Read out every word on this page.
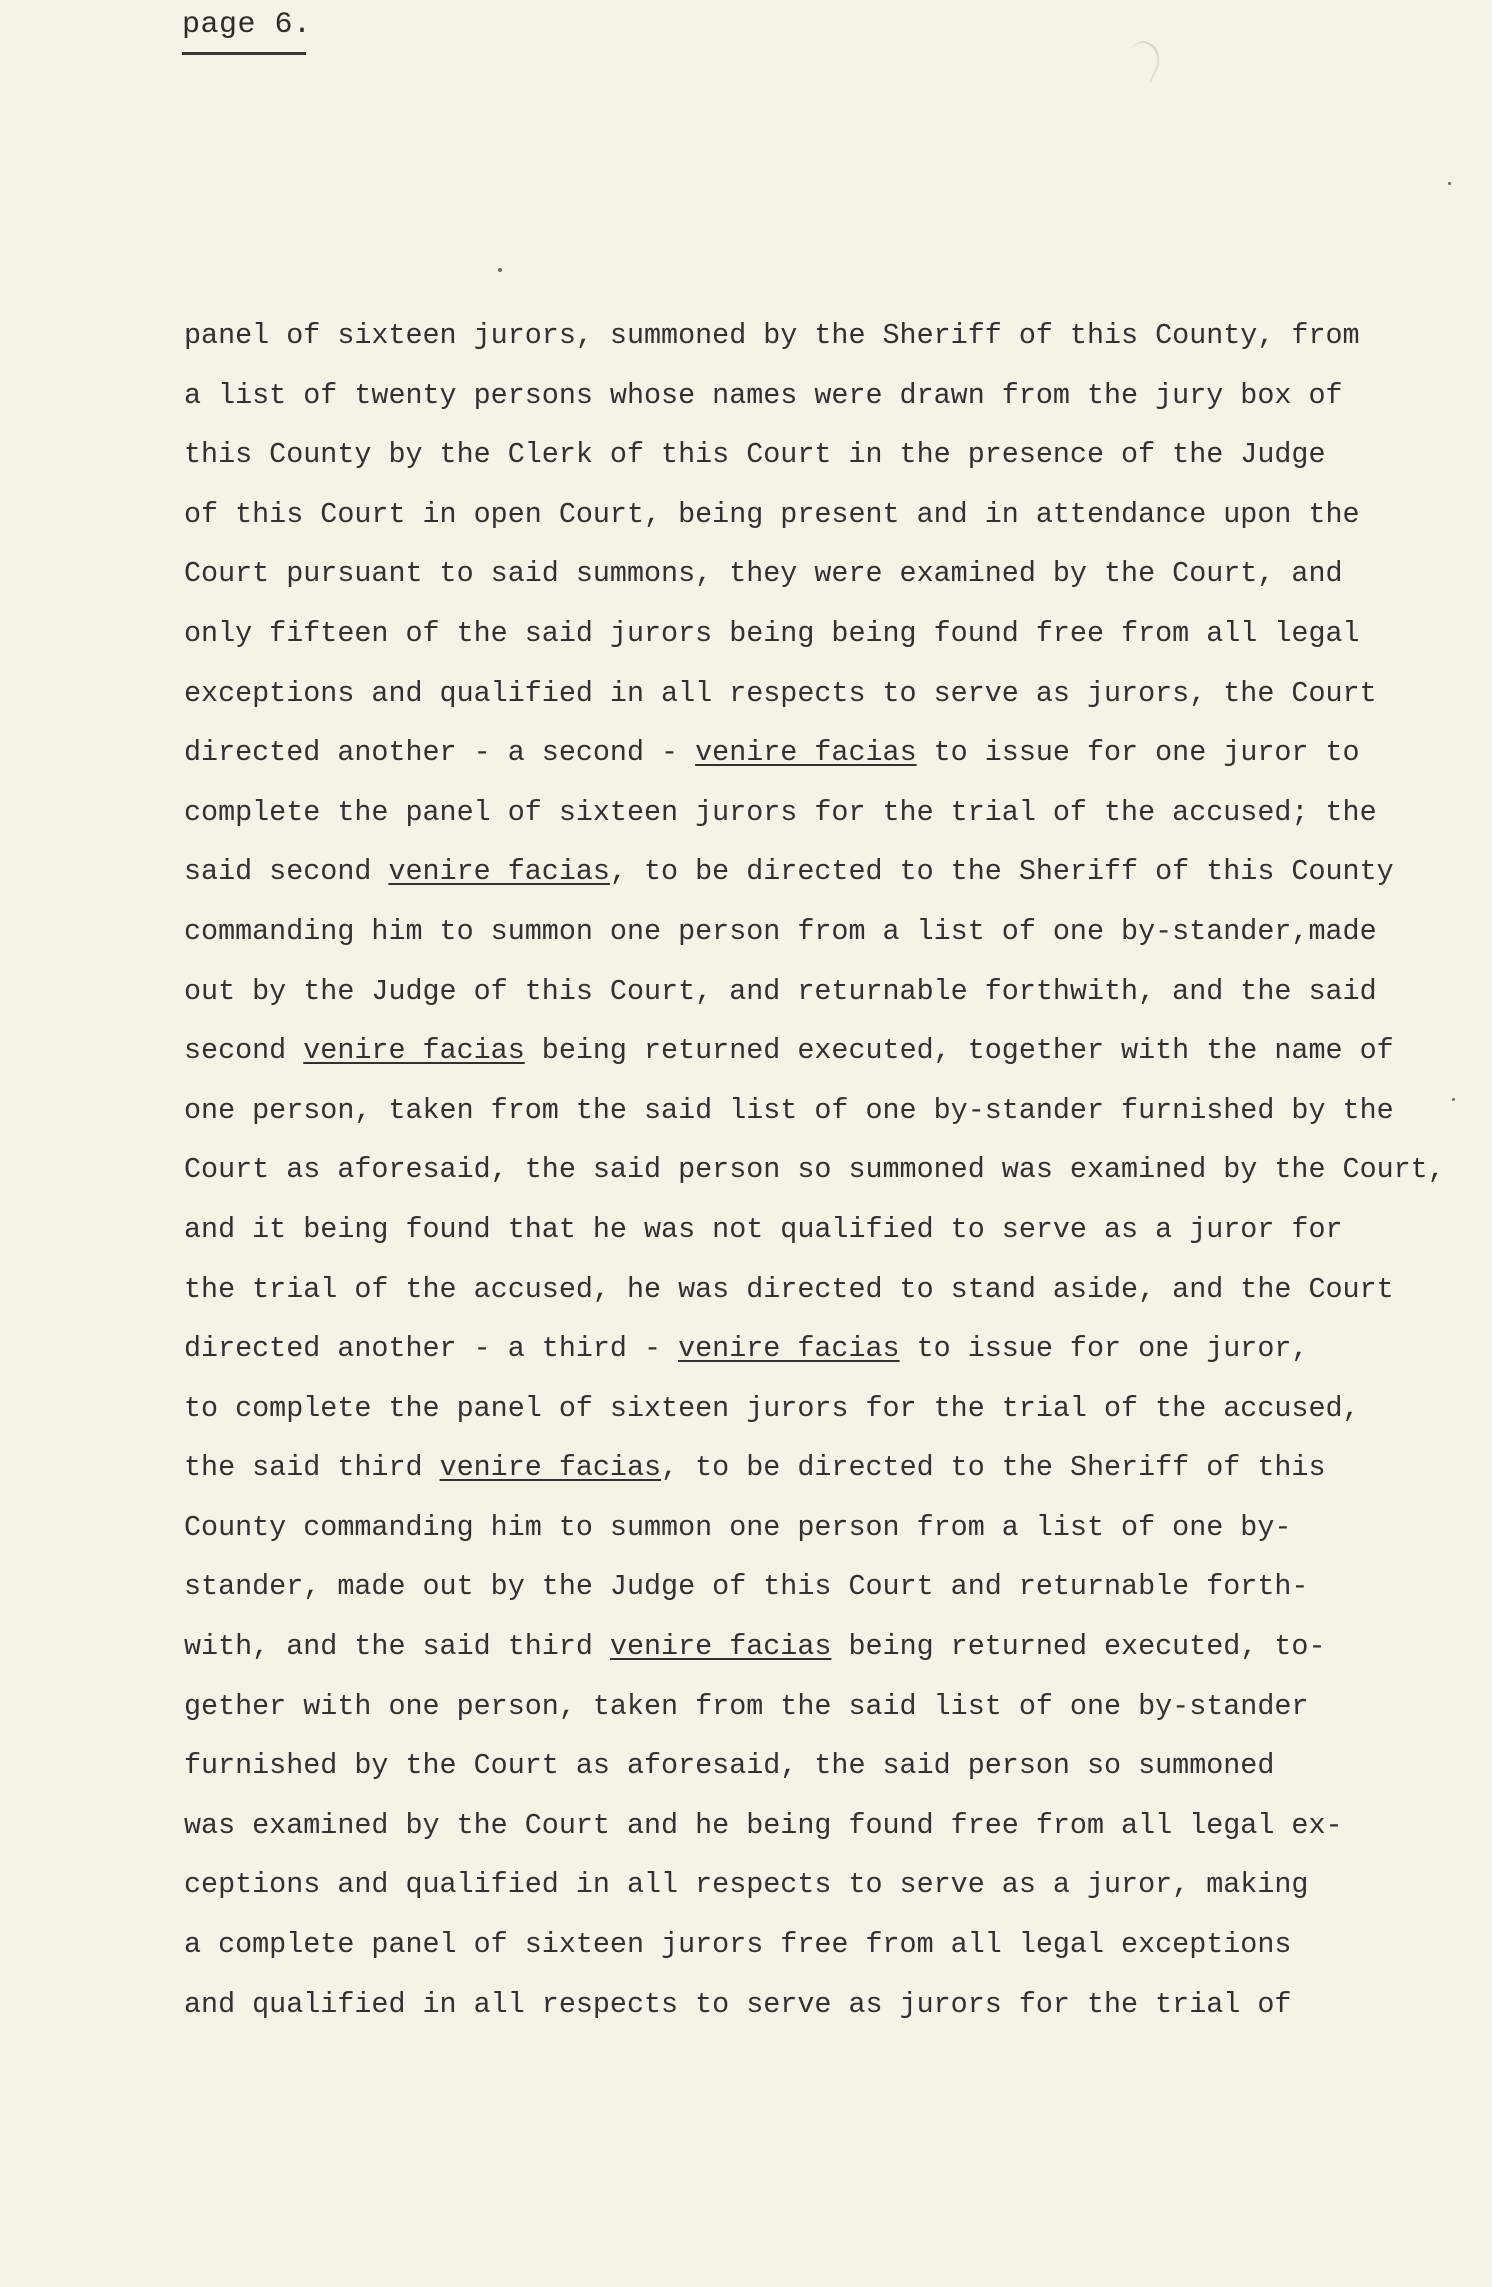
page 6.
panel of sixteen jurors, summoned by the Sheriff of this County, from
a list of twenty persons whose names were drawn from the jury box of
this County by the Clerk of this Court in the presence of the Judge
of this Court in open Court, being present and in attendance upon the
Court pursuant to said summons, they were examined by the Court, and
only fifteen of the said jurors being being found free from all legal
exceptions and qualified in all respects to serve as jurors, the Court
directed another - a second - venire facias to issue for one juror to
complete the panel of sixteen jurors for the trial of the accused; the
said second venire facias, to be directed to the Sheriff of this County
commanding him to summon one person from a list of one by-stander,made
out by the Judge of this Court, and returnable forthwith, and the said
second venire facias being returned executed, together with the name of
one person, taken from the said list of one by-stander furnished by the
Court as aforesaid, the said person so summoned was examined by the Court,
and it being found that he was not qualified to serve as a juror for
the trial of the accused, he was directed to stand aside, and the Court
directed another - a third - venire facias to issue for one juror,
to complete the panel of sixteen jurors for the trial of the accused,
the said third venire facias, to be directed to the Sheriff of this
County commanding him to summon one person from a list of one by-
stander, made out by the Judge of this Court and returnable forth-
with, and the said third venire facias being returned executed, to-
gether with one person, taken from the said list of one by-stander
furnished by the Court as aforesaid, the said person so summoned
was examined by the Court and he being found free from all legal ex-
ceptions and qualified in all respects to serve as a juror, making
a complete panel of sixteen jurors free from all legal exceptions
and qualified in all respects to serve as jurors for the trial of
